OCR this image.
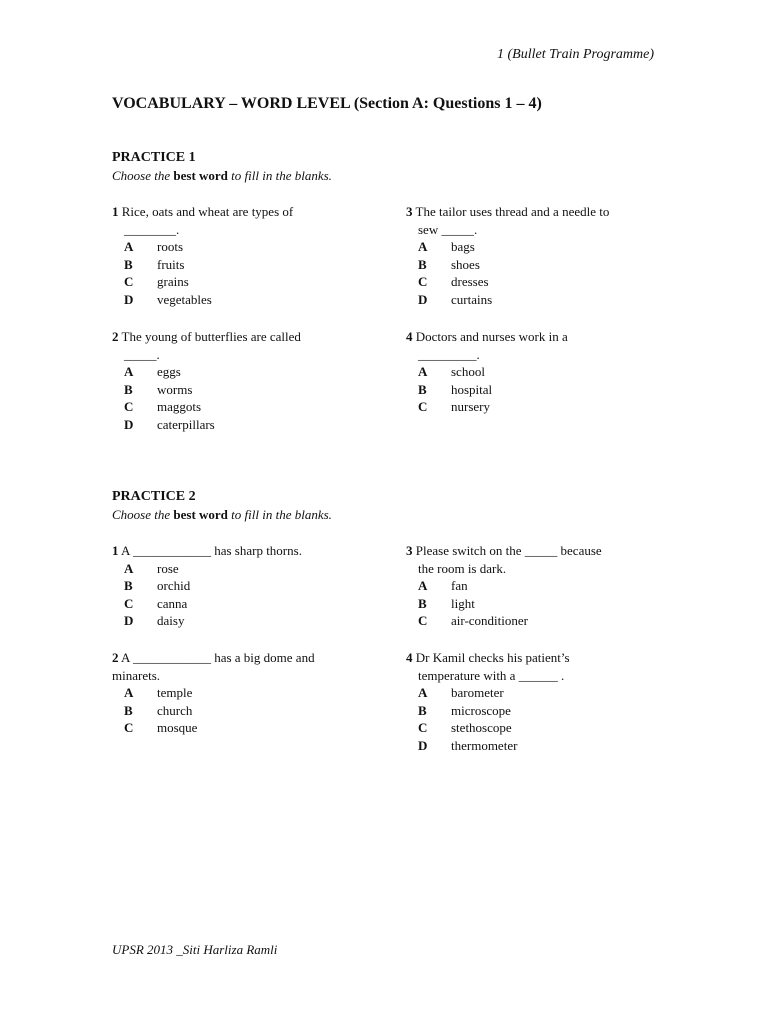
1 (Bullet Train Programme)
VOCABULARY – WORD LEVEL (Section A: Questions 1 – 4)
PRACTICE 1
Choose the best word to fill in the blanks.
1 Rice, oats and wheat are types of
________.
A	roots
B	fruits
C	grains
D	vegetables
2 The young of butterflies are called
_____.
A	eggs
B	worms
C	maggots
D	caterpillars
3 The tailor uses thread and a needle to
sew _____.
A	bags
B	shoes
C	dresses
D	curtains
4 Doctors and nurses work in a
_________.
A	school
B	hospital
C	nursery
PRACTICE 2
Choose the best word to fill in the blanks.
1 A ____________ has sharp thorns.
A	rose
B	orchid
C	canna
D	daisy
2 A ____________ has a big dome and
minarets.
A	temple
B	church
C	mosque
3 Please switch on the _____ because
the room is dark.
A	fan
B	light
C	air-conditioner
4 Dr Kamil checks his patient’s
temperature with a ______ .
A	barometer
B	microscope
C	stethoscope
D	thermometer
UPSR 2013 _Siti Harliza Ramli
